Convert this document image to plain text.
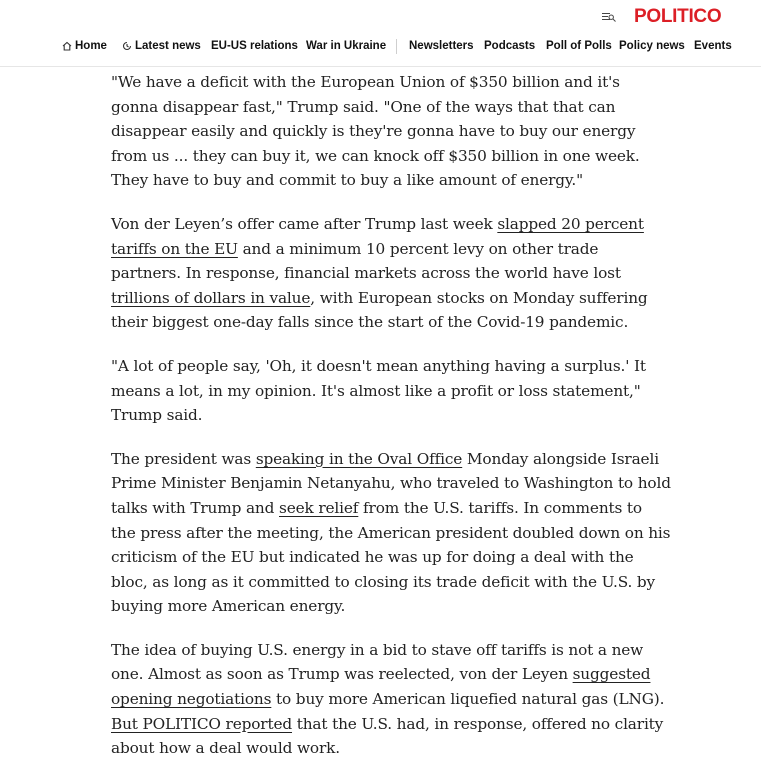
POLITICO
Home Latest news EU-US relations War in Ukraine Newsletters Podcasts Poll of Polls Policy news Events

"We have a deficit with the European Union of $350 billion and it's gonna disappear fast," Trump said. "One of the ways that that can disappear easily and quickly is they're gonna have to buy our energy from us ... they can buy it, we can knock off $350 billion in one week. They have to buy and commit to buy a like amount of energy."

Von der Leyen’s offer came after Trump last week slapped 20 percent tariffs on the EU and a minimum 10 percent levy on other trade partners. In response, financial markets across the world have lost trillions of dollars in value, with European stocks on Monday suffering their biggest one-day falls since the start of the Covid-19 pandemic.

"A lot of people say, 'Oh, it doesn't mean anything having a surplus.' It means a lot, in my opinion. It's almost like a profit or loss statement," Trump said.

The president was speaking in the Oval Office Monday alongside Israeli Prime Minister Benjamin Netanyahu, who traveled to Washington to hold talks with Trump and seek relief from the U.S. tariffs. In comments to the press after the meeting, the American president doubled down on his criticism of the EU but indicated he was up for doing a deal with the bloc, as long as it committed to closing its trade deficit with the U.S. by buying more American energy.

The idea of buying U.S. energy in a bid to stave off tariffs is not a new one. Almost as soon as Trump was reelected, von der Leyen suggested opening negotiations to buy more American liquefied natural gas (LNG). But POLITICO reported that the U.S. had, in response, offered no clarity about how a deal would work.
